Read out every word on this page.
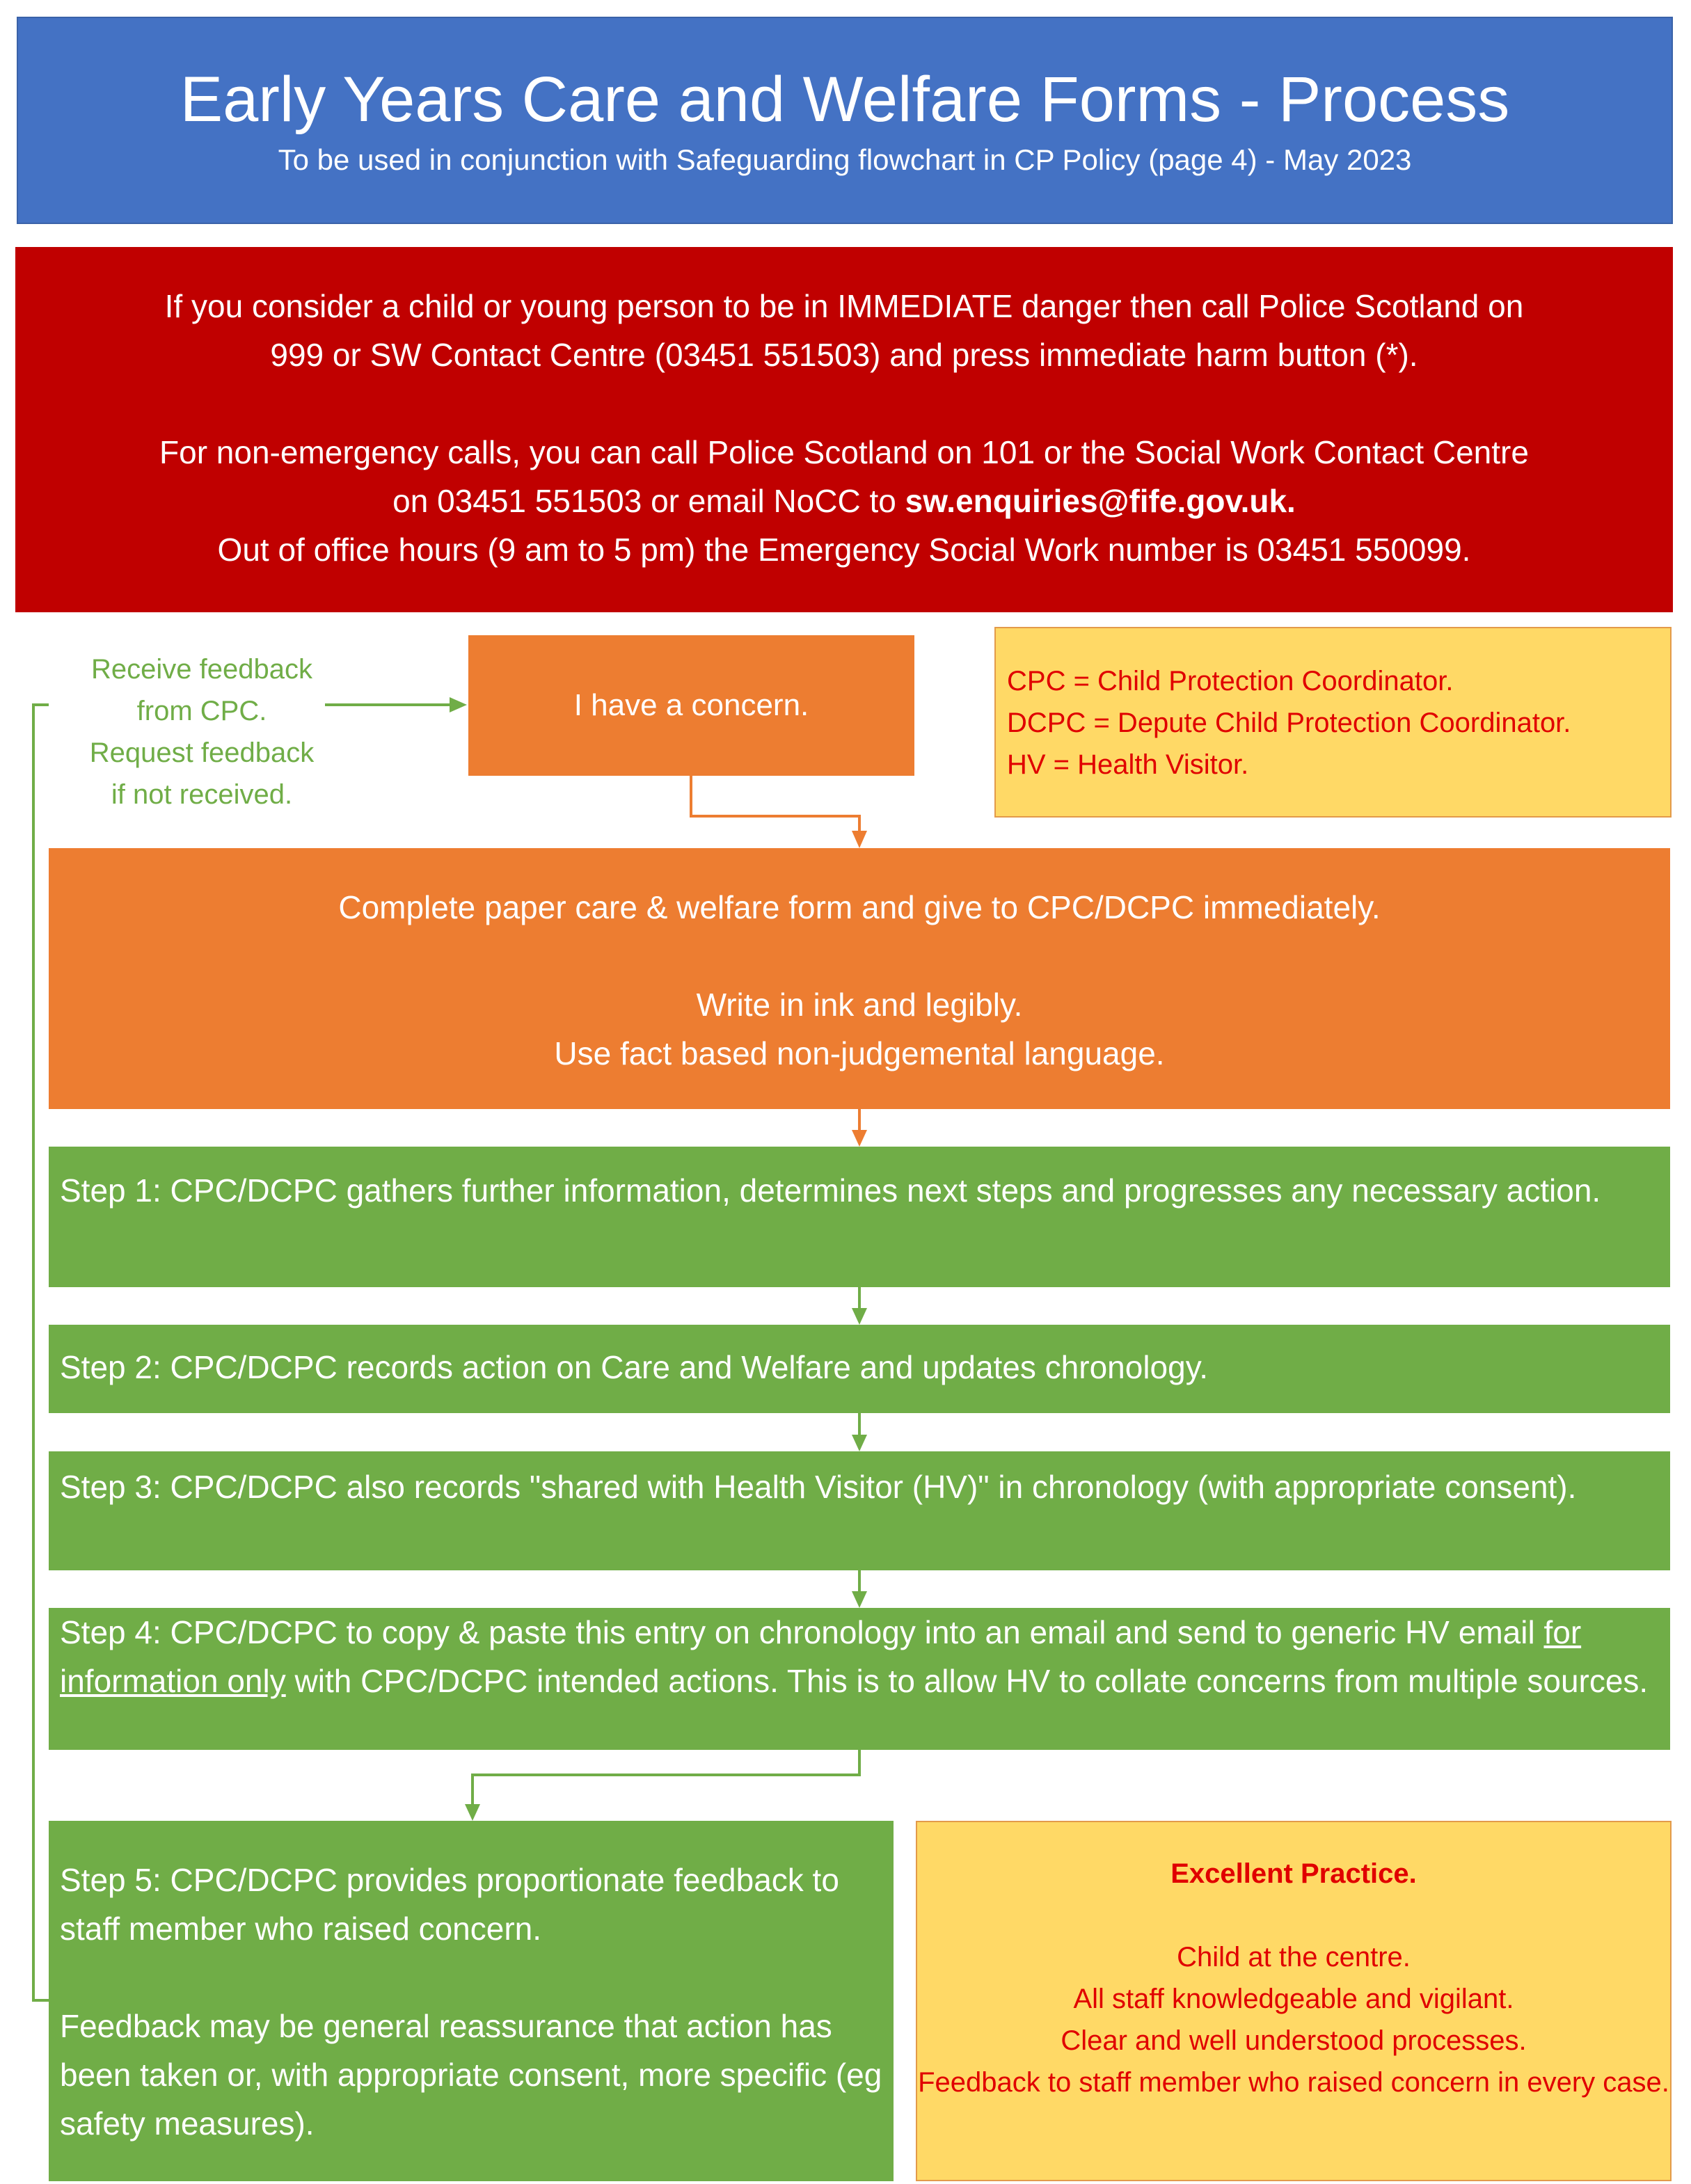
Early Years Care and Welfare Forms - Process

To be used in conjunction with Safeguarding flowchart in CP Policy (page 4) - May 2023

If you consider a child or young person to be in IMMEDIATE danger then call Police Scotland on

999 or SW Contact Centre (03451 551503) and press immediate harm button (*).

For non-emergency calls, you can call Police Scotland on 101 or the Social Work Contact Centre

on 03451 551503 or email NoCC to sw.enquiries@fife.gov.uk.

Out of office hours (9 am to 5 pm) the Emergency Social Work number is 03451 550099.

Receive feedback
from CPC.
Request feedback
if not received.
I have a concern.
CPC = Child Protection Coordinator.
DCPC = Depute Child Protection Coordinator.
HV = Health Visitor.

Complete paper care & welfare form and give to CPC/DCPC immediately.

Write in ink and legibly.

Use fact based non-judgemental language.

Step 1: CPC/DCPC gathers further information, determines next steps and progresses any necessary action.
Step 2: CPC/DCPC records action on Care and Welfare and updates chronology.
Step 3: CPC/DCPC also records "shared with Health Visitor (HV)" in chronology (with appropriate consent).
Step 4: CPC/DCPC to copy & paste this entry on chronology into an email and send to generic HV email for information only with CPC/DCPC intended actions. This is to allow HV to collate concerns from multiple sources.

Step 5: CPC/DCPC provides proportionate feedback to staff member who raised concern.

Feedback may be general reassurance that action has been taken or, with appropriate consent, more specific (eg safety measures).

Excellent Practice.

Child at the centre.

All staff knowledgeable and vigilant.

Clear and well understood processes.

Feedback to staff member who raised concern in every case.
